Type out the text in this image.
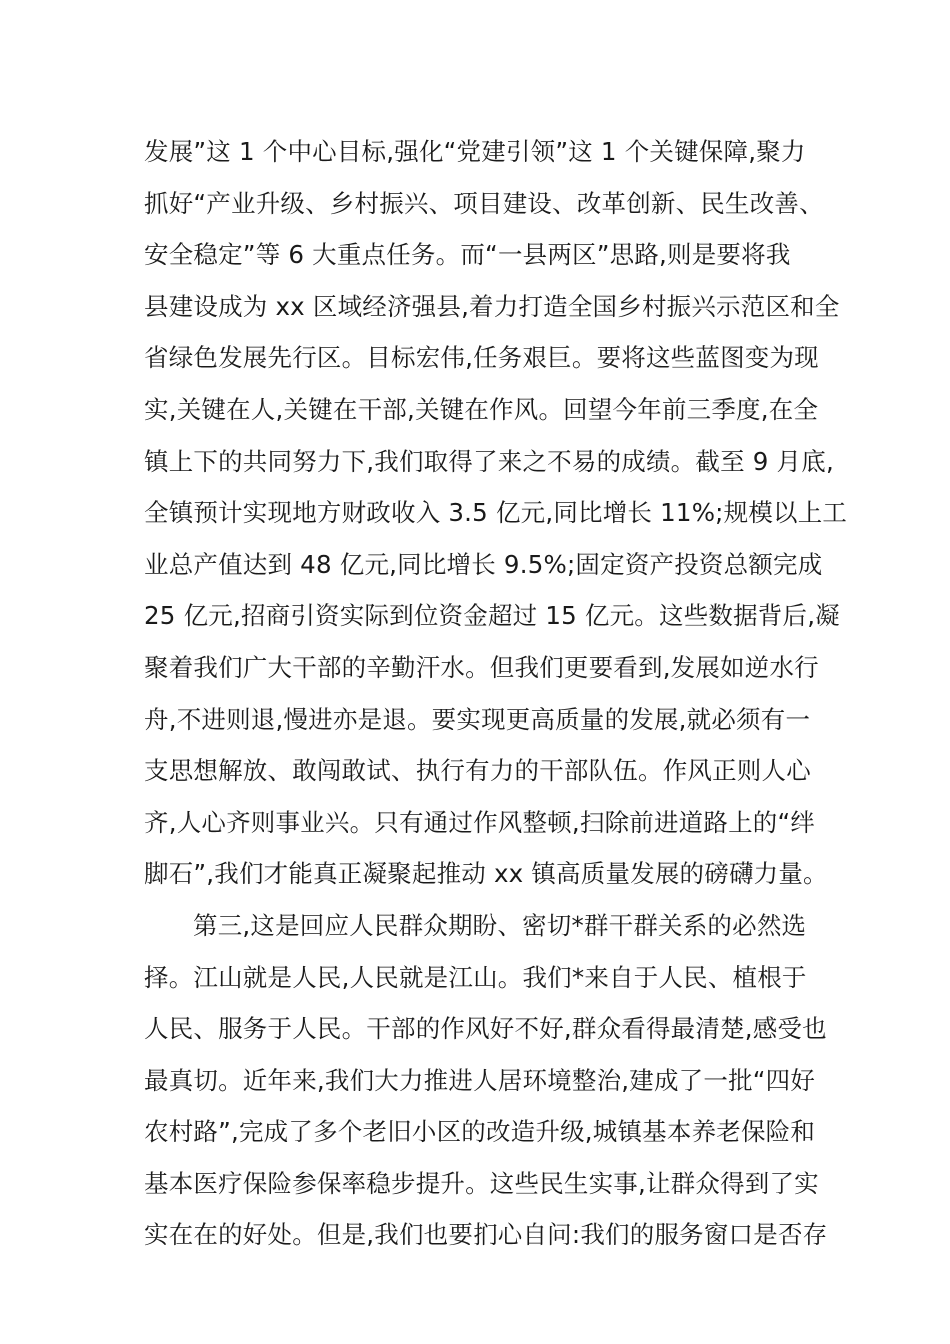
发展”这 1 个中心目标,强化“党建引领”这 1 个关键保障,聚力
抓好“产业升级、乡村振兴、项目建设、改革创新、民生改善、
安全稳定”等 6 大重点任务。而“一县两区”思路,则是要将我
县建设成为 xx 区域经济强县,着力打造全国乡村振兴示范区和全
省绿色发展先行区。目标宏伟,任务艰巨。要将这些蓝图变为现
实,关键在人,关键在干部,关键在作风。回望今年前三季度,在全
镇上下的共同努力下,我们取得了来之不易的成绩。截至 9 月底,
全镇预计实现地方财政收入 3.5 亿元,同比增长 11%;规模以上工
业总产值达到 48 亿元,同比增长 9.5%;固定资产投资总额完成
25 亿元,招商引资实际到位资金超过 15 亿元。这些数据背后,凝
聚着我们广大干部的辛勤汗水。但我们更要看到,发展如逆水行
舟,不进则退,慢进亦是退。要实现更高质量的发展,就必须有一
支思想解放、敢闯敢试、执行有力的干部队伍。作风正则人心
齐,人心齐则事业兴。只有通过作风整顿,扫除前进道路上的“绊
脚石”,我们才能真正凝聚起推动 xx 镇高质量发展的磅礴力量。
第三,这是回应人民群众期盼、密切*群干群关系的必然选
择。江山就是人民,人民就是江山。我们*来自于人民、植根于
人民、服务于人民。干部的作风好不好,群众看得最清楚,感受也
最真切。近年来,我们大力推进人居环境整治,建成了一批“四好
农村路”,完成了多个老旧小区的改造升级,城镇基本养老保险和
基本医疗保险参保率稳步提升。这些民生实事,让群众得到了实
实在在的好处。但是,我们也要扪心自问:我们的服务窗口是否存
